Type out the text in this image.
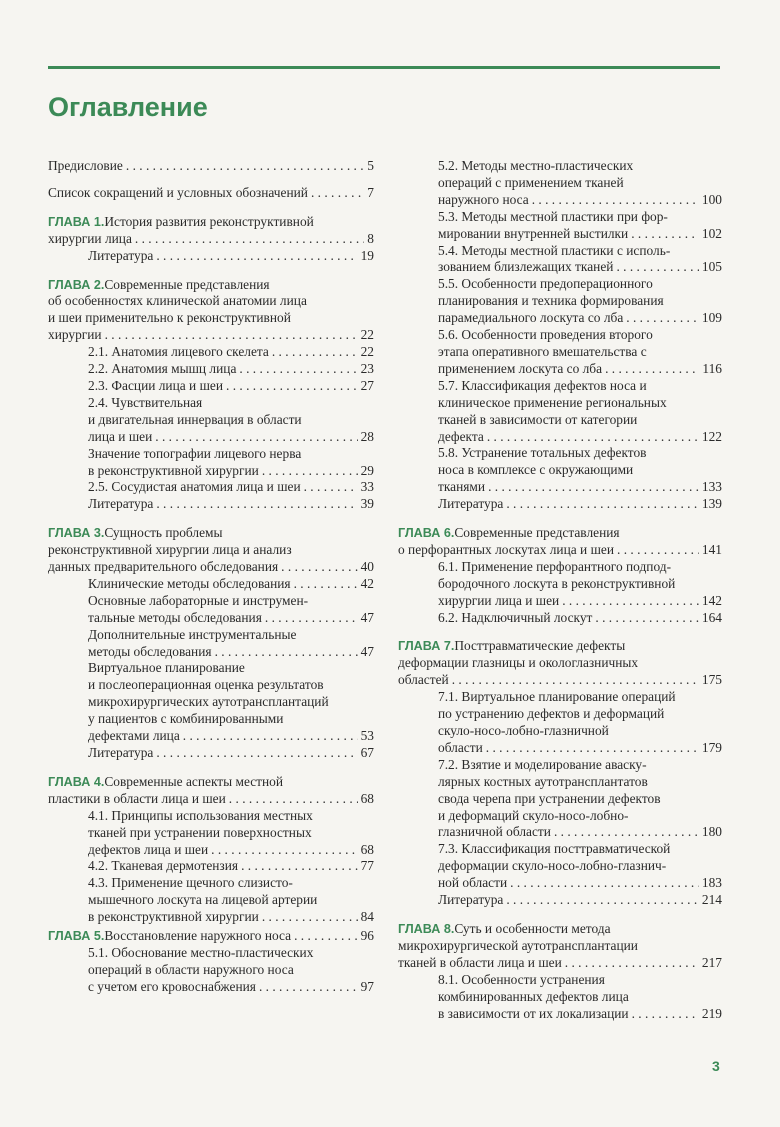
Оглавление
Предисловие . . .	5
Список сокращений и условных обозначений . . .	7
ГЛАВА 1. История развития реконструктивной
хирургии лица . . .	8
Литература . . .	19
ГЛАВА 2. Современные представления
об особенностях клинической анатомии лица
и шеи применительно к реконструктивной
хирургии . . .	22
2.1. Анатомия лицевого скелета . . .	22
2.2. Анатомия мышц лица . . .	23
2.3. Фасции лица и шеи . . .	27
2.4. Чувствительная
и двигательная иннервация в области
лица и шеи . . .	28
Значение топографии лицевого нерва
в реконструктивной хирургии . . .	29
2.5. Сосудистая анатомия лица и шеи . . .	33
Литература . . .	39
ГЛАВА 3. Сущность проблемы
реконструктивной хирургии лица и анализ
данных предварительного обследования . . .	40
Клинические методы обследования . . .	42
Основные лабораторные и инструмен-
тальные методы обследования . . .	47
Дополнительные инструментальные
методы обследования . . .	47
Виртуальное планирование
и послеоперационная оценка результатов
микрохирургических аутотрансплантаций
у пациентов с комбинированными
дефектами лица . . .	53
Литература . . .	67
ГЛАВА 4. Современные аспекты местной
пластики в области лица и шеи . . .	68
4.1. Принципы использования местных
тканей при устранении поверхностных
дефектов лица и шеи . . .	68
4.2. Тканевая дермотензия . . .	77
4.3. Применение щечного слизисто-
мышечного лоскута на лицевой артерии
в реконструктивной хирургии . . .	84
ГЛАВА 5. Восстановление наружного носа . . .	96
5.1. Обоснование местно-пластических
операций в области наружного носа
с учетом его кровоснабжения . . .	97
5.2. Методы местно-пластических
операций с применением тканей
наружного носа . . .	100
5.3. Методы местной пластики при фор-
мировании внутренней выстилки . . .	102
5.4. Методы местной пластики с исполь-
зованием близлежащих тканей . . .	105
5.5. Особенности предоперационного
планирования и техника формирования
парамедиального лоскута со лба . . .	109
5.6. Особенности проведения второго
этапа оперативного вмешательства с
применением лоскута со лба . . .	116
5.7. Классификация дефектов носа и
клиническое применение региональных
тканей в зависимости от категории
дефекта . . .	122
5.8. Устранение тотальных дефектов
носа в комплексе с окружающими
тканями . . .	133
Литература . . .	139
ГЛАВА 6. Современные представления
о перфорантных лоскутах лица и шеи . . .	141
6.1. Применение перфорантного подпод-
бородочного лоскута в реконструктивной
хирургии лица и шеи . . .	142
6.2. Надключичный лоскут . . .	164
ГЛАВА 7. Посттравматические дефекты
деформации глазницы и окологлазничных
областей . . .	175
7.1. Виртуальное планирование операций
по устранению дефектов и деформаций
скуло-носо-лобно-глазничной
области . . .	179
7.2. Взятие и моделирование аваску-
лярных костных аутотрансплантатов
свода черепа при устранении дефектов
и деформаций скуло-носо-лобно-
глазничной области . . .	180
7.3. Классификация посттравматической
деформации скуло-носо-лобно-глазнич-
ной области . . .	183
Литература . . .	214
ГЛАВА 8. Суть и особенности метода
микрохирургической аутотрансплантации
тканей в области лица и шеи . . .	217
8.1. Особенности устранения
комбинированных дефектов лица
в зависимости от их локализации . . .	219
3
